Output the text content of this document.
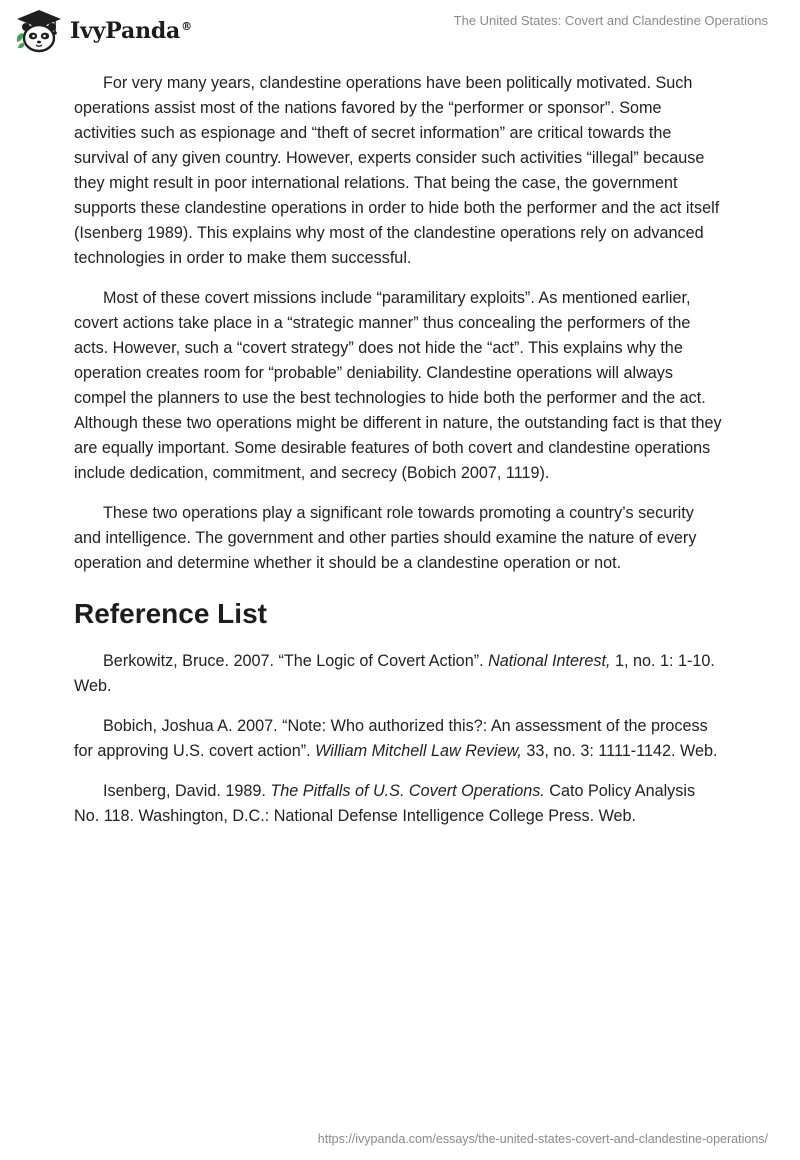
IvyPanda®	The United States: Covert and Clandestine Operations

For very many years, clandestine operations have been politically motivated. Such operations assist most of the nations favored by the “performer or sponsor”. Some activities such as espionage and “theft of secret information” are critical towards the survival of any given country. However, experts consider such activities “illegal” because they might result in poor international relations. That being the case, the government supports these clandestine operations in order to hide both the performer and the act itself (Isenberg 1989). This explains why most of the clandestine operations rely on advanced technologies in order to make them successful.

Most of these covert missions include “paramilitary exploits”. As mentioned earlier, covert actions take place in a “strategic manner” thus concealing the performers of the acts. However, such a “covert strategy” does not hide the “act”. This explains why the operation creates room for “probable” deniability. Clandestine operations will always compel the planners to use the best technologies to hide both the performer and the act. Although these two operations might be different in nature, the outstanding fact is that they are equally important. Some desirable features of both covert and clandestine operations include dedication, commitment, and secrecy (Bobich 2007, 1119).

These two operations play a significant role towards promoting a country’s security and intelligence. The government and other parties should examine the nature of every operation and determine whether it should be a clandestine operation or not.

Reference List

Berkowitz, Bruce. 2007. “The Logic of Covert Action”. National Interest, 1, no. 1: 1-10. Web.

Bobich, Joshua A. 2007. “Note: Who authorized this?: An assessment of the process for approving U.S. covert action”. William Mitchell Law Review, 33, no. 3: 1111-1142. Web.

Isenberg, David. 1989. The Pitfalls of U.S. Covert Operations. Cato Policy Analysis No. 118. Washington, D.C.: National Defense Intelligence College Press. Web.

https://ivypanda.com/essays/the-united-states-covert-and-clandestine-operations/
